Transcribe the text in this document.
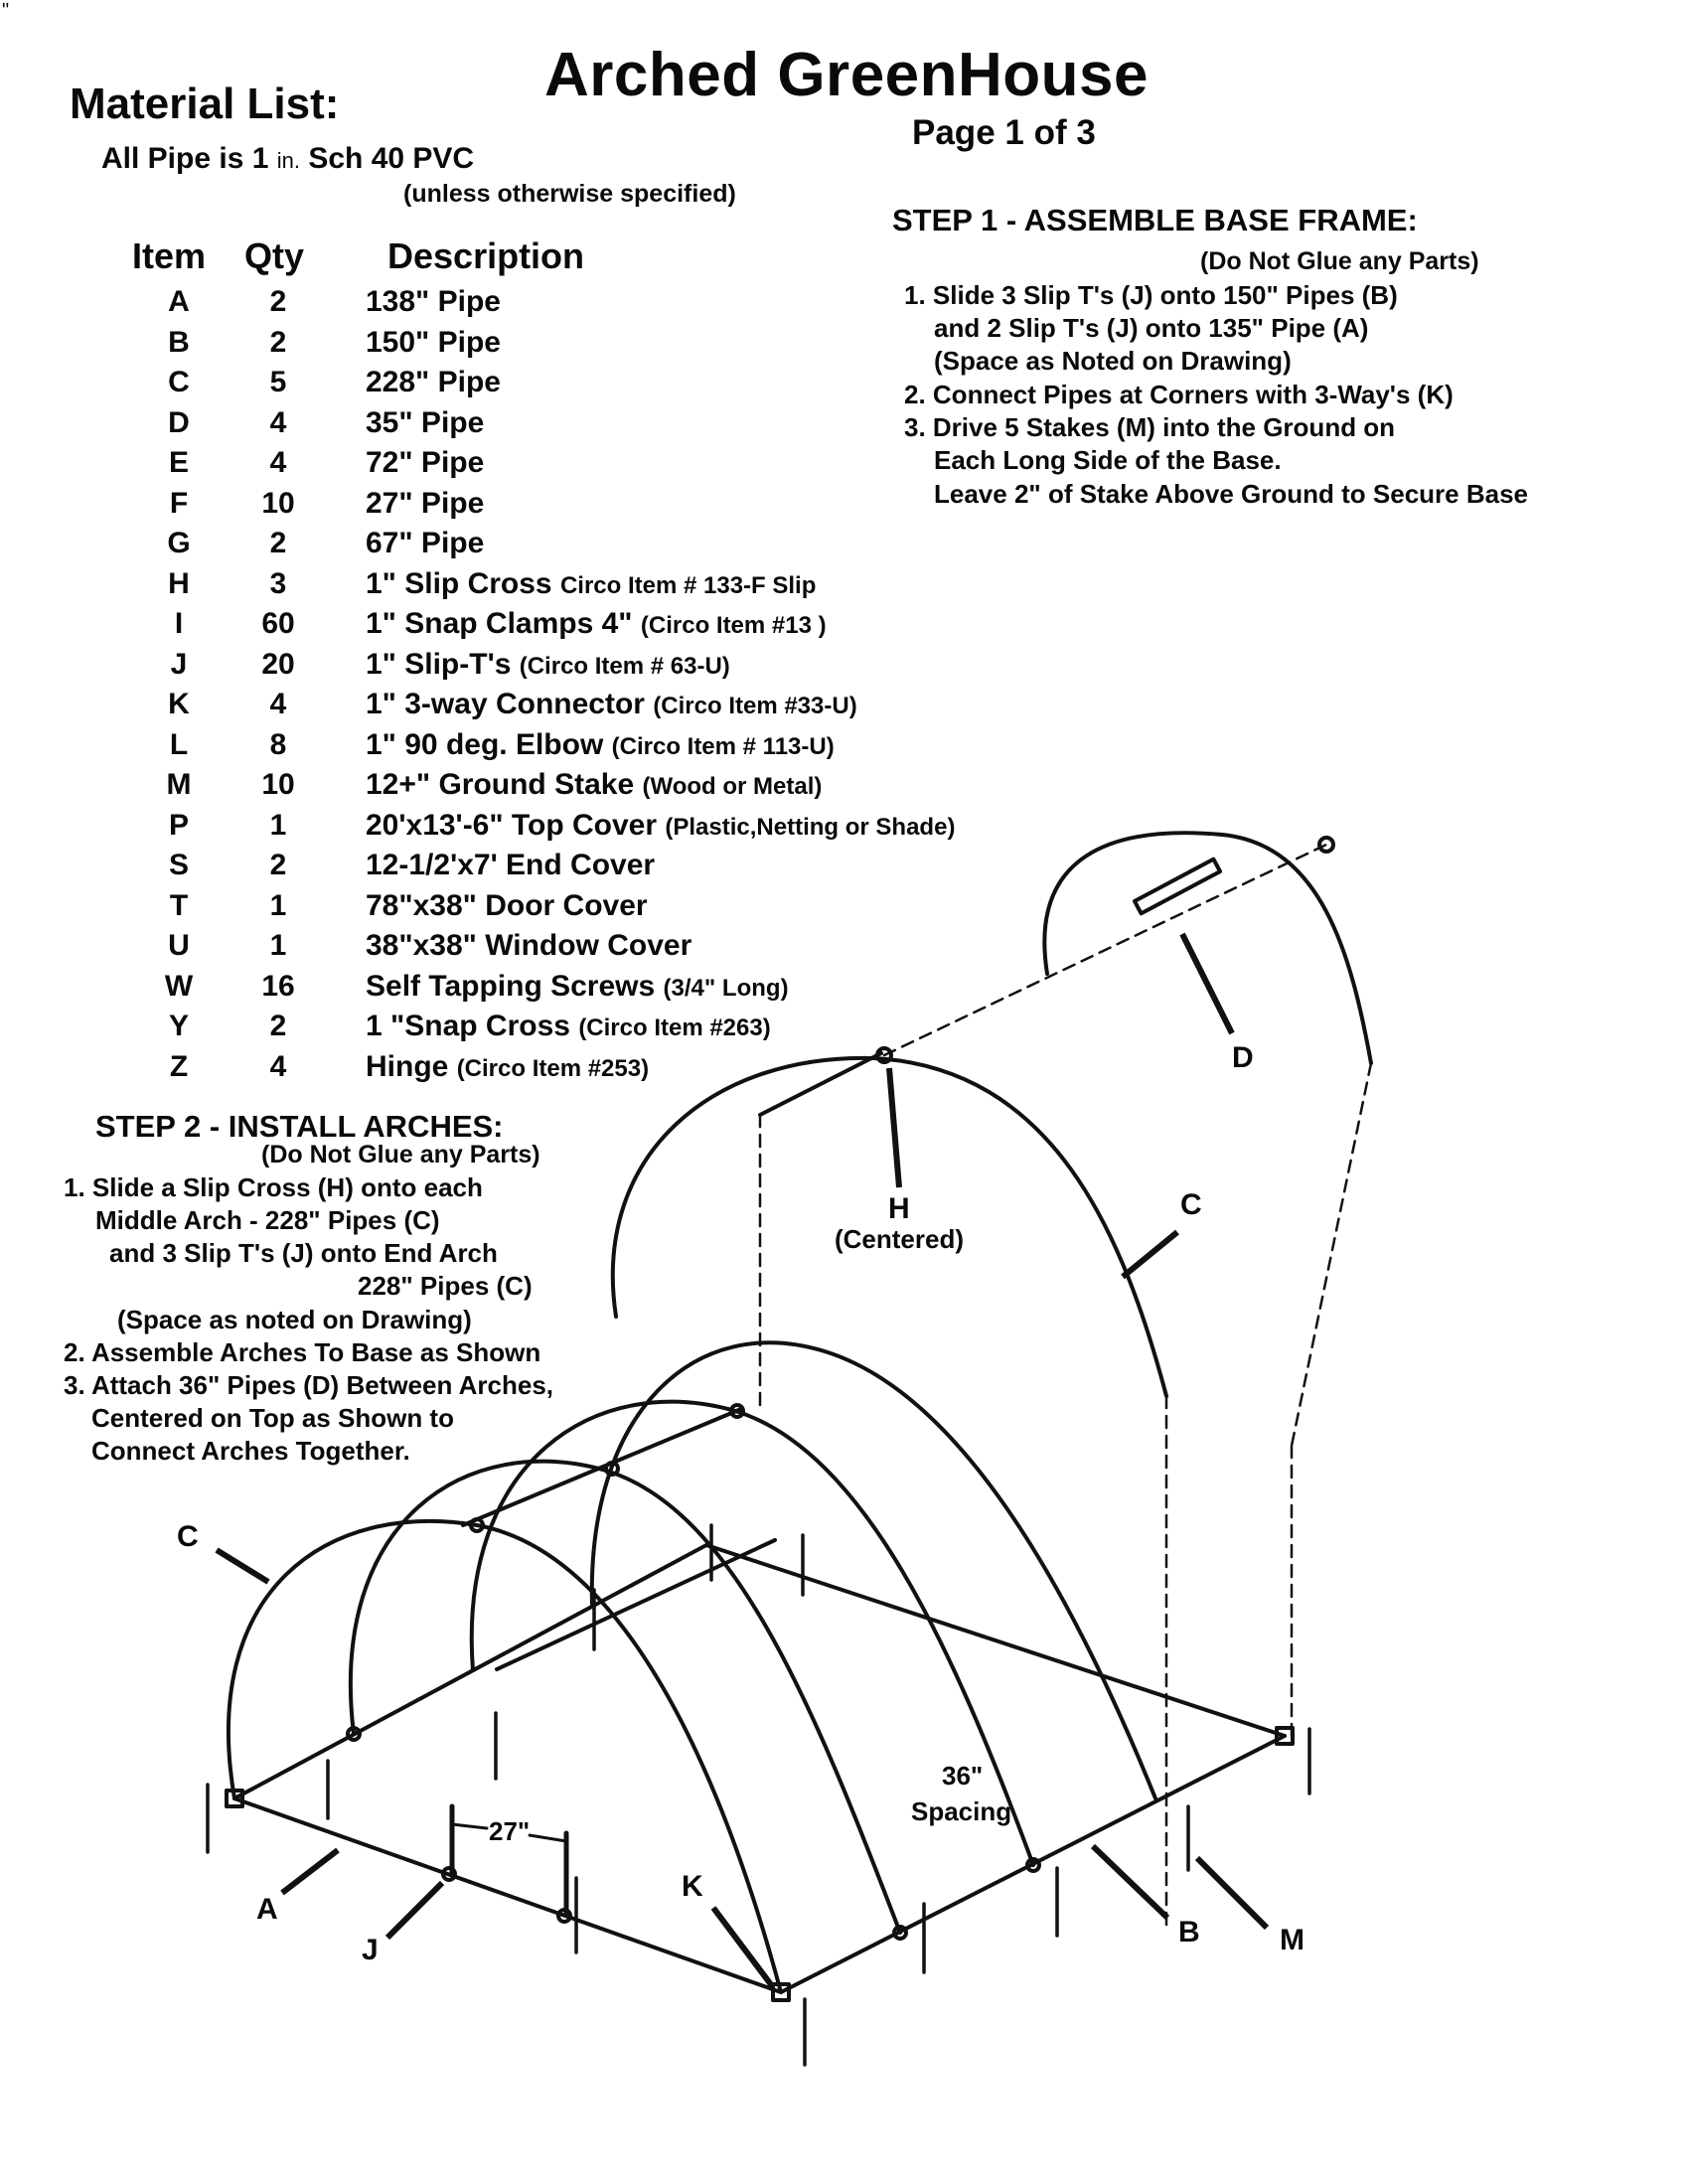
"
Arched GreenHouse
Page 1 of 3
Material List:
All Pipe is 1 in. Sch 40 PVC
(unless otherwise specified)
Item Qty Description
A	2	138" Pipe
B	2	150" Pipe
C	5	228" Pipe
D	4	35" Pipe
E	4	72" Pipe
F	10 27" Pipe
G	2	67" Pipe
H	3	1" Slip Cross Circo Item # 133-F Slip
I	60 1" Snap Clamps 4" (Circo Item #13 )
J	20 1" Slip-T's (Circo Item # 63-U)
K	4	1" 3-way Connector (Circo Item #33-U)
L	8	1" 90 deg. Elbow (Circo Item # 113-U)
M 10 12+" Ground Stake (Wood or Metal)
P	1	20'x13'-6" Top Cover (Plastic,Netting or Shade)
S	2	12-1/2'x7' End Cover
T	1	78"x38" Door Cover
U	1	38"x38" Window Cover
W 16 Self Tapping Screws (3/4" Long)
Y	2	1 "Snap Cross (Circo Item #263)
Z	4	Hinge (Circo Item #253)
STEP 1 - ASSEMBLE BASE FRAME:
(Do Not Glue any Parts)
1. Slide 3 Slip T's (J) onto 150" Pipes (B)
and 2 Slip T's (J) onto 135" Pipe (A)
(Space as Noted on Drawing)
2. Connect Pipes at Corners with 3-Way's (K)
3. Drive 5 Stakes (M) into the Ground on
Each Long Side of the Base.
Leave 2" of Stake Above Ground to Secure Base
STEP 2 - INSTALL ARCHES:
(Do Not Glue any Parts)
1. Slide a Slip Cross (H) onto each
Middle Arch - 228" Pipes (C)
and 3 Slip T's (J) onto End Arch
228" Pipes (C)
(Space as noted on Drawing)
2. Assemble Arches To Base as Shown
3. Attach 36" Pipes (D) Between Arches,
Centered on Top as Shown to
Connect Arches Together.
D
H
(Centered)
C
C
36"
Spacing
27"
A
J
K
B	M
